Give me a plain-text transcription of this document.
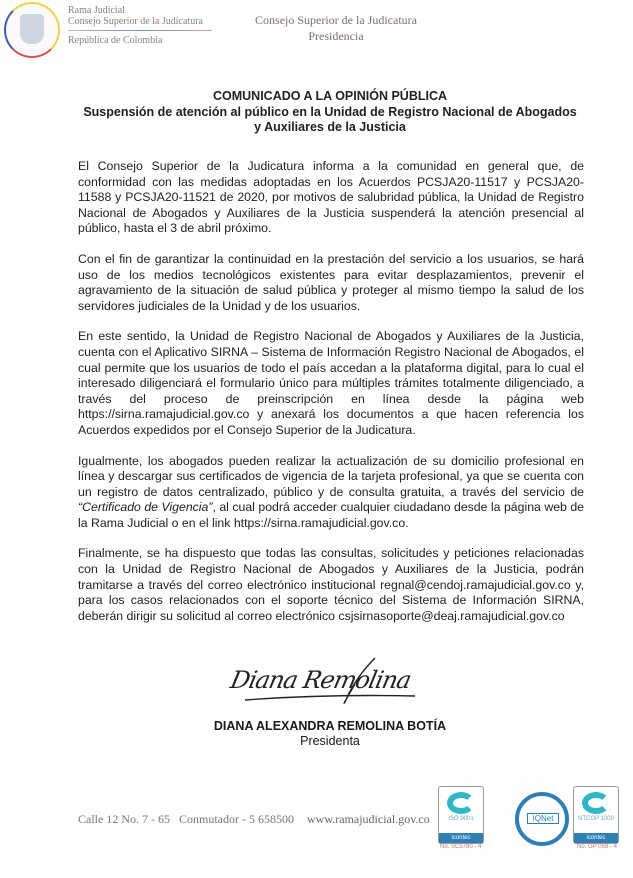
Rama Judicial
Consejo Superior de la Judicatura
República de Colombia
Consejo Superior de la Judicatura
Presidencia
COMUNICADO A LA OPINIÓN PÚBLICA
Suspensión de atención al público en la Unidad de Registro Nacional de Abogados
y Auxiliares de la Justicia

El Consejo Superior de la Judicatura informa a la comunidad en general que, de conformidad con las medidas adoptadas en los Acuerdos PCSJA20-11517 y PCSJA20-11588 y PCSJA20-11521 de 2020, por motivos de salubridad pública, la Unidad de Registro Nacional de Abogados y Auxiliares de la Justicia suspenderá la atención presencial al público, hasta el 3 de abril próximo.

Con el fin de garantizar la continuidad en la prestación del servicio a los usuarios, se hará uso de los medios tecnológicos existentes para evitar desplazamientos, prevenir el agravamiento de la situación de salud pública y proteger al mismo tiempo la salud de los servidores judiciales de la Unidad y de los usuarios.

En este sentido, la Unidad de Registro Nacional de Abogados y Auxiliares de la Justicia, cuenta con el Aplicativo SIRNA – Sistema de Información Registro Nacional de Abogados, el cual permite que los usuarios de todo el país accedan a la plataforma digital, para lo cual el interesado diligenciará el formulario único para múltiples trámites totalmente diligenciado, a través del proceso de preinscripción en línea desde la página web https://sirna.ramajudicial.gov.co y anexará los documentos a que hacen referencia los Acuerdos expedidos por el Consejo Superior de la Judicatura.

Igualmente, los abogados pueden realizar la actualización de su domicilio profesional en línea y descargar sus certificados de vigencia de la tarjeta profesional, ya que se cuenta con un registro de datos centralizado, público y de consulta gratuita, a través del servicio de “Certificado de Vigencia”, al cual podrá acceder cualquier ciudadano desde la página web de la Rama Judicial o en el link https://sirna.ramajudicial.gov.co.

Finalmente, se ha dispuesto que todas las consultas, solicitudes y peticiones relacionadas con la Unidad de Registro Nacional de Abogados y Auxiliares de la Justicia, podrán tramitarse a través del correo electrónico institucional regnal@cendoj.ramajudicial.gov.co y, para los casos relacionados con el soporte técnico del Sistema de Información SIRNA, deberán dirigir su solicitud al correo electrónico csjsirnasoporte@deaj.ramajudicial.gov.co

Diana Remolina
DIANA ALEXANDRA REMOLINA BOTÍA
Presidenta
Calle 12 No. 7 - 65 Conmutador - 5 658500 www.ramajudicial.gov.co	ISO 9001
icontec
No. SC5780 - 4
IQNet	NTCGP 1000
icontec
No. GP 059 - 4
